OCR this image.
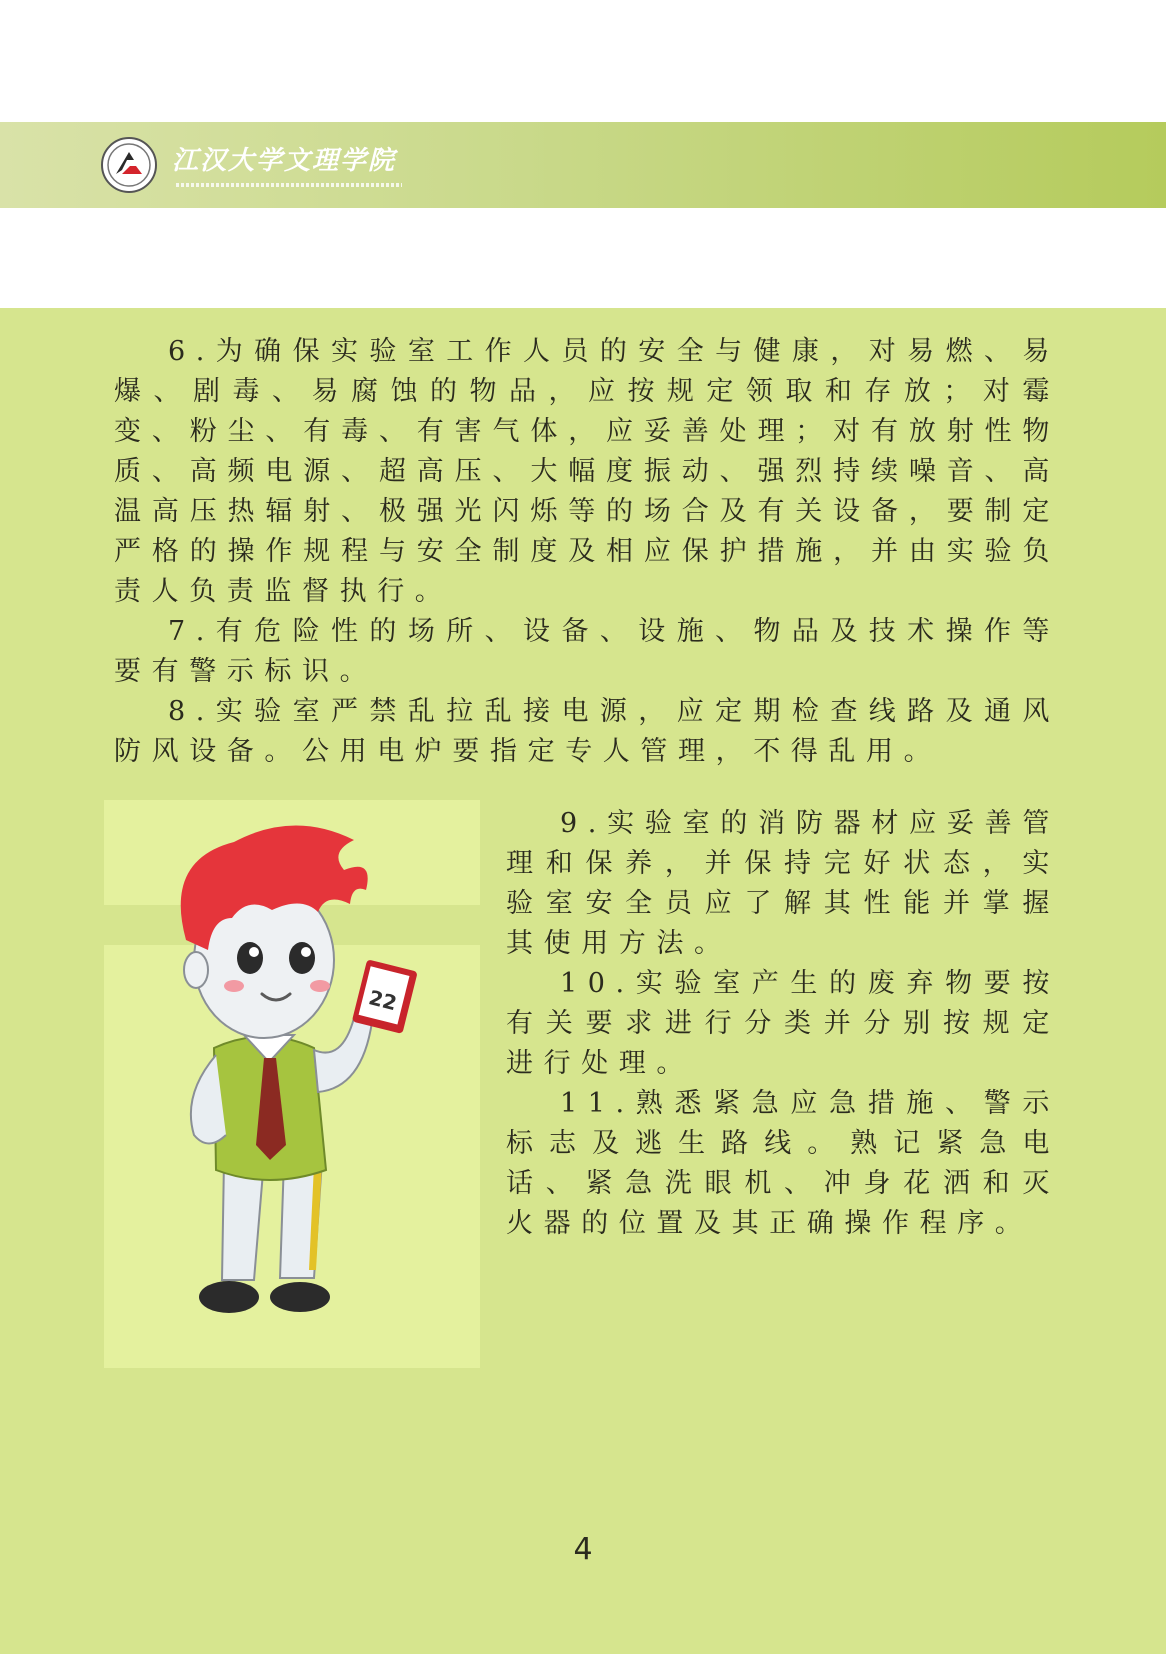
江汉大学文理学院

6.为确保实验室工作人员的安全与健康，对易燃、易爆、剧毒、易腐蚀的物品，应按规定领取和存放；对霉变、粉尘、有毒、有害气体，应妥善处理；对有放射性物质、高频电源、超高压、大幅度振动、强烈持续噪音、高温高压热辐射、极强光闪烁等的场合及有关设备，要制定严格的操作规程与安全制度及相应保护措施，并由实验负责人负责监督执行。

7.有危险性的场所、设备、设施、物品及技术操作等要有警示标识。

8.实验室严禁乱拉乱接电源，应定期检查线路及通风防风设备。公用电炉要指定专人管理，不得乱用。

22

9.实验室的消防器材应妥善管理和保养，并保持完好状态，实验室安全员应了解其性能并掌握其使用方法。

10.实验室产生的废弃物要按有关要求进行分类并分别按规定进行处理。

11.熟悉紧急应急措施、警示标志及逃生路线。熟记紧急电话、紧急洗眼机、冲身花洒和灭火器的位置及其正确操作程序。

4
